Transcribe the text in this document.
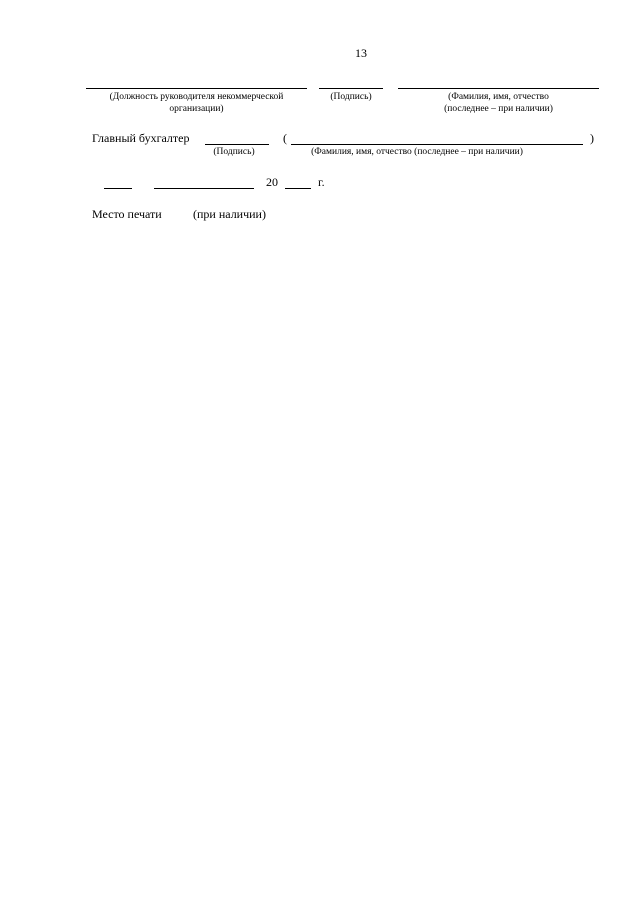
13
(Должность руководителя некоммерческой
организации)
(Подпись)	(Фамилия, имя, отчество
(последнее – при наличии)
Главный бухгалтер	(	)
(Подпись)	(Фамилия, имя, отчество (последнее – при наличии)
20	г.
Место печати	(при наличии)
